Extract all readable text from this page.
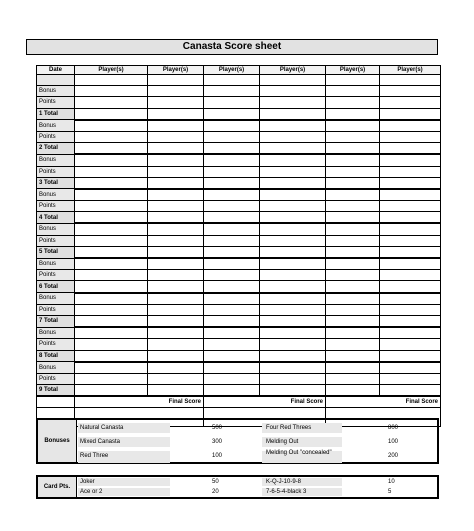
Canasta Score sheet
Date	Player(s)	Player(s)	Player(s)	Player(s)	Player(s)	Player(s)

Bonus						
Points						
1 Total						
Bonus						
Points						
2 Total						
Bonus						
Points						
3 Total						
Bonus						
Points						
4 Total						
Bonus						
Points						
5 Total						
Bonus						
Points						
6 Total						
Bonus						
Points						
7 Total						
Bonus						
Points						
8 Total						
Bonus						
Points						
9 Total						
	Final Score		Final Score		Final Score	

Bonuses
Natural Canasta	500	Four Red Threes	800
Mixed Canasta	300	Melding Out	100
Red Three	100	Melding Out "concealed"	200
Card Pts.
Joker	50	K-Q-J-10-9-8	10
Ace or 2	20	7-6-5-4-black 3	5
